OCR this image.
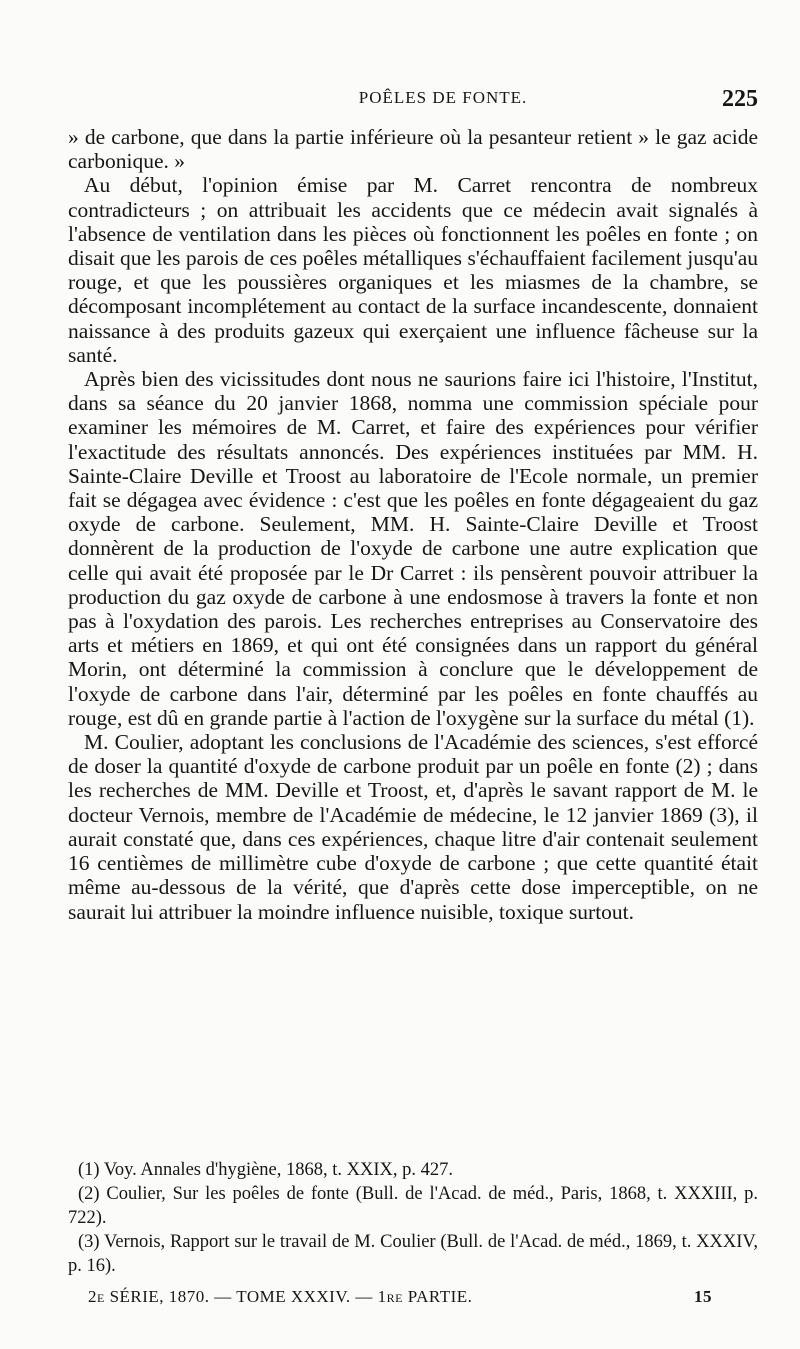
POÊLES DE FONTE.	225

» de carbone, que dans la partie inférieure où la pesanteur retient » le gaz acide carbonique. »

Au début, l'opinion émise par M. Carret rencontra de nombreux contradicteurs ; on attribuait les accidents que ce médecin avait signalés à l'absence de ventilation dans les pièces où fonctionnent les poêles en fonte ; on disait que les parois de ces poêles métalliques s'échauffaient facilement jusqu'au rouge, et que les poussières organiques et les miasmes de la chambre, se décomposant incomplétement au contact de la surface incandescente, donnaient naissance à des produits gazeux qui exerçaient une influence fâcheuse sur la santé.

Après bien des vicissitudes dont nous ne saurions faire ici l'histoire, l'Institut, dans sa séance du 20 janvier 1868, nomma une commission spéciale pour examiner les mémoires de M. Carret, et faire des expériences pour vérifier l'exactitude des résultats annoncés. Des expériences instituées par MM. H. Sainte-Claire Deville et Troost au laboratoire de l'Ecole normale, un premier fait se dégagea avec évidence : c'est que les poêles en fonte dégageaient du gaz oxyde de carbone. Seulement, MM. H. Sainte-Claire Deville et Troost donnèrent de la production de l'oxyde de carbone une autre explication que celle qui avait été proposée par le Dr Carret : ils pensèrent pouvoir attribuer la production du gaz oxyde de carbone à une endosmose à travers la fonte et non pas à l'oxydation des parois. Les recherches entreprises au Conservatoire des arts et métiers en 1869, et qui ont été consignées dans un rapport du général Morin, ont déterminé la commission à conclure que le développement de l'oxyde de carbone dans l'air, déterminé par les poêles en fonte chauffés au rouge, est dû en grande partie à l'action de l'oxygène sur la surface du métal (1).

M. Coulier, adoptant les conclusions de l'Académie des sciences, s'est efforcé de doser la quantité d'oxyde de carbone produit par un poêle en fonte (2) ; dans les recherches de MM. Deville et Troost, et, d'après le savant rapport de M. le docteur Vernois, membre de l'Académie de médecine, le 12 janvier 1869 (3), il aurait constaté que, dans ces expériences, chaque litre d'air contenait seulement 16 centièmes de millimètre cube d'oxyde de carbone ; que cette quantité était même au-dessous de la vérité, que d'après cette dose imperceptible, on ne saurait lui attribuer la moindre influence nuisible, toxique surtout.

(1) Voy. Annales d'hygiène, 1868, t. XXIX, p. 427.

(2) Coulier, Sur les poêles de fonte (Bull. de l'Acad. de méd., Paris, 1868, t. XXXIII, p. 722).

(3) Vernois, Rapport sur le travail de M. Coulier (Bull. de l'Acad. de méd., 1869, t. XXXIV, p. 16).

2e SÉRIE, 1870. — TOME XXXIV. — 1re PARTIE.	15
